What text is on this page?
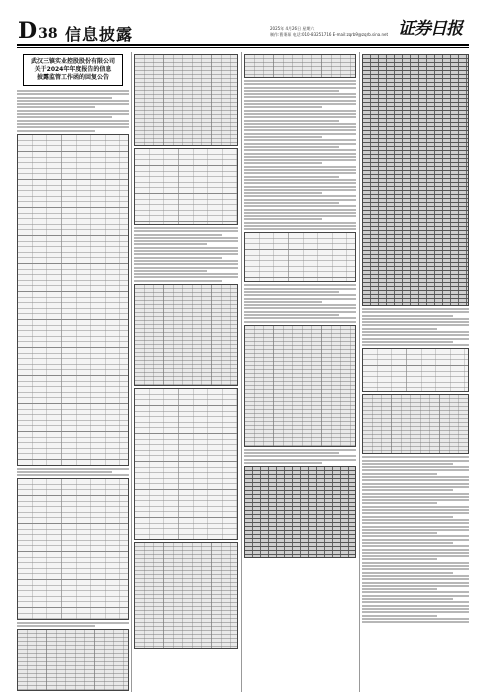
D38 信息披露	2025年 4月26日 星期六
制作:曹秉琛 电话:010-83251716 E-mail:zqrb9@zqrb.sina.net 证券日报
武汉三镇实业控股股份有限公司
关于2024年年度报告的信息
披露监管工作函的回复公告
